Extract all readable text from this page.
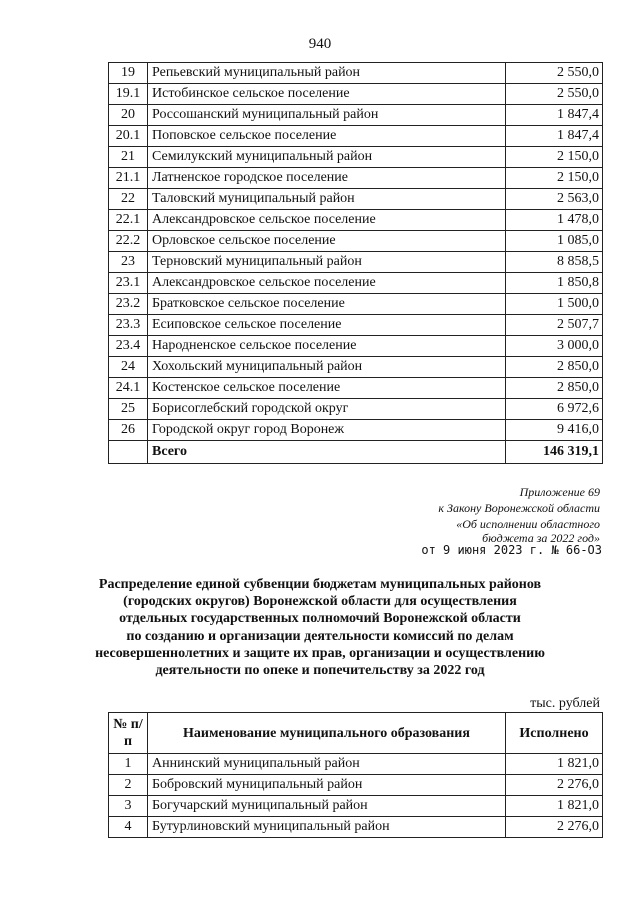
940
19	Репьевский муниципальный район	2 550,0
19.1	Истобинское сельское поселение	2 550,0
20	Россошанский муниципальный район	1 847,4
20.1	Поповское сельское поселение	1 847,4
21	Семилукский муниципальный район	2 150,0
21.1	Латненское городское поселение	2 150,0
22	Таловский муниципальный район	2 563,0
22.1	Александровское сельское поселение	1 478,0
22.2	Орловское сельское поселение	1 085,0
23	Терновский муниципальный район	8 858,5
23.1	Александровское сельское поселение	1 850,8
23.2	Братковское сельское поселение	1 500,0
23.3	Есиповское сельское поселение	2 507,7
23.4	Народненское сельское поселение	3 000,0
24	Хохольский муниципальный район	2 850,0
24.1	Костенское сельское поселение	2 850,0
25	Борисоглебский городской округ	6 972,6
26	Городской округ город Воронеж	9 416,0
	Всего	146 319,1
Приложение 69
к Закону Воронежской области
«Об исполнении областного
бюджета за 2022 год»
от 9 июня 2023 г. № 66-ОЗ
Распределение единой субвенции бюджетам муниципальных районов
(городских округов) Воронежской области для осуществления
отдельных государственных полномочий Воронежской области
по созданию и организации деятельности комиссий по делам
несовершеннолетних и защите их прав, организации и осуществлению
деятельности по опеке и попечительству за 2022 год
тыс. рублей
№ п/п	Наименование муниципального образования	Исполнено
1	Аннинский муниципальный район	1 821,0
2	Бобровский муниципальный район	2 276,0
3	Богучарский муниципальный район	1 821,0
4	Бутурлиновский муниципальный район	2 276,0
